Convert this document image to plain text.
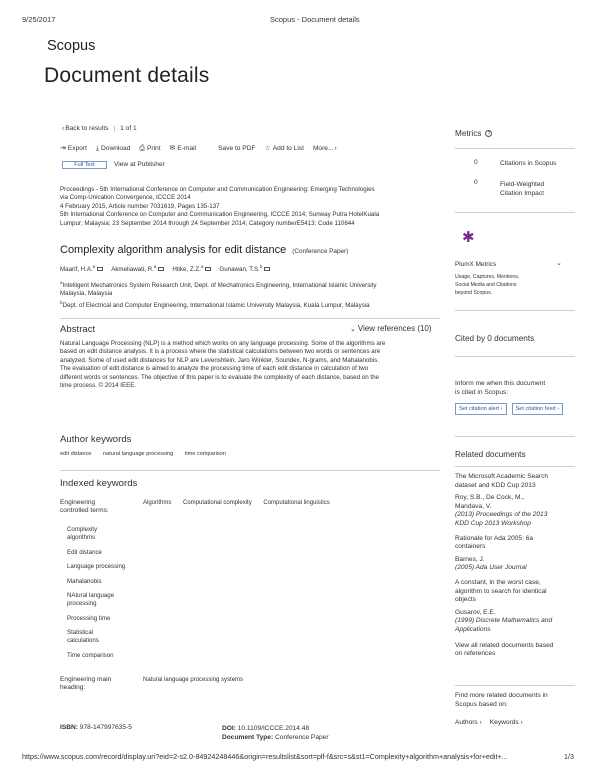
9/25/2017	Scopus - Document details
Scopus
Document details
‹ Back to results | 1 of 1
⇥ Export ⤓ Download ⎙ Print ✉ E-mail	Save to PDF ☆ Add to List More... ›
Full Text	View at Publisher
Proceedings - 5th International Conference on Computer and Communication Engineering: Emerging Technologies
via Comp-Unication Convergence, ICCCE 2014
4 February 2015, Article number 7031619, Pages 135-137
5th International Conference on Computer and Communication Engineering, ICCCE 2014; Sunway Putra HotelKuala
Lumpur; Malaysia; 23 September 2014 through 24 September 2014; Category numberE5413; Code 110844
Complexity algorithm analysis for edit distance (Conference Paper)
Maarif, H.A.$^a$	Akmeliawati, R.$^a$	Htike, Z.Z.$^a$	Gunawan, T.S.$^b$
$^a$Intelligent Mechatronics System Research Unit, Dept. of Mechatronics Engineering, International Islamic University
Malaysia, Malaysia
$^b$Dept. of Electrical and Computer Engineering, International Islamic University Malaysia, Kuala Lumpur, Malaysia
Abstract	⌄ View references (10)
Natural Language Processing (NLP) is a method which works on any language processing. Some of the algorithms are
based on edit distance analysis. It is a process where the statistical calculations between two words or sentences are
analyzed. Some of used edit distances for NLP are Levenshtein, Jaro Winkler, Soundex, N-grams, and Mahalanobis.
The evaluation of edit distance is aimed to analyze the processing time of each edit distance in calculation of two
different words or sentences. The objective of this paper is to evaluate the complexity of each distance, based on the
time process. © 2014 IEEE.
Author keywords
edit distance natural language processing time comparison
Indexed keywords
Engineering
controlled terms:
Algorithms Computational complexity Computational linguistics
Complexity
algorithms
Edit distance
Language processing
Mahalanobis
NAtural language
processing
Processing time
Statistical
calculations
Time comparison
Engineering main
heading:
Natural language processing systems
ISBN: 978-147997635-5	DOI: 10.1109/ICCCE.2014.48
Document Type: Conference Paper
Metrics	?
0	Citations in Scopus
0	Field-Weighted
Citation Impact
✱
PlumX Metrics	⌄
Usage, Captures, Mentions,
Social Media and Citations
beyond Scopus.
Cited by 0 documents
Inform me when this document
is cited in Scopus:
Set citation alert ›	Set citation feed ›
Related documents

The Microsoft Academic Search

dataset and KDD Cup 2013

Roy, S.B., De Cock, M.,

Mandava, V.

(2013) Proceedings of the 2013

KDD Cup 2013 Workshop

Rationale for Ada 2005: 6a

containers

Barnes, J.

(2005) Ada User Journal

A constant, in the worst case,

algorithm to search for identical

objects

Gusarov, E.E.

(1999) Discrete Mathematics and

Applications

View all related documents based

on references

Find more related documents in
Scopus based on:
Authors › Keywords ›
https://www.scopus.com/record/display.uri?eid=2-s2.0-84924248446&origin=resultslist&sort=plf-f&src=s&st1=Complexity+algorithm+analysis+for+edit+...	1/3
